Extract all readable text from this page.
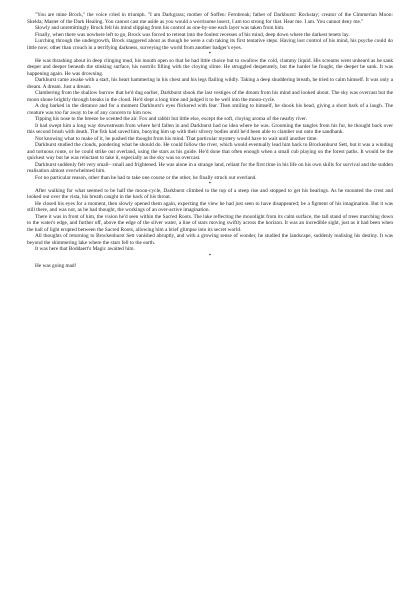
"You are mine Brock," the voice cried in triumph. "I am Darkgrass; mother of Soffen: Fernbreak; father of Darkburst: Rockstay; creator of the Cimmerian Moon: Skelda; Master of the Dark Healing. You cannot cast me aside as you would a worrisome insect, I am too strong for that. Hear me. I am. You cannot deny me."

Slowly and unremittingly Brock felt his mind slipping from his control as one-by-one each layer was taken from him.

Finally, when there was nowhere left to go, Brock was forced to retreat into the foulest recesses of his mind, deep down where the darkest tenets lay.

Lurching through the undergrowth, Brock staggered about as though he were a cub taking its first tentative steps. Having lost control of his mind, his psyche could do little now; other than crouch in a terrifying darkness, surveying the world from another badger's eyes.

*

He was thrashing about in deep clinging mud, his mouth open so that he had little choice but to swallow the cold, clammy liquid. His screams went unheard as he sank deeper and deeper beneath the stinking surface, his nostrils filling with the cloying slime. He struggled desperately, but the harder he fought, the deeper he sank. It was happening again. He was drowning.

Darkburst came awake with a start, his heart hammering in his chest and his legs flailing wildly. Taking a deep shuddering breath, he tried to calm himself. It was only a dream. A dream. Just a dream.

Clambering from the shallow burrow that he'd dug earlier, Darkburst shook the last vestiges of the dream from his mind and looked about. The sky was overcast but the moon shone brightly through breaks in the cloud. He'd slept a long time and judged it to be well into the moon-cycle.

A dog barked in the distance and for a moment Darkburst's eyes flickered with fear. Then smiling to himself, he shook his head, giving a short bark of a laugh. The creature was too far away to be of any concern to him now.

Tipping his nose to the breeze he scented the air. Fox and rabbit but little else, except the soft, cloying aroma of the nearby river.

It had swept him a long way downstream from where he'd fallen in and Darkburst had no idea where he was. Grooming the tangles from his fur, he thought back over this second brush with death. The fish had saved him, buoying him up with their silvery bodies until he'd been able to clamber out onto the sandbank.

Not knowing what to make of it, he pushed the thought from his mind. That particular mystery would have to wait until another time.

Darkburst studied the clouds, pondering what he should do. He could follow the river, which would eventually lead him back to Brockenhurst Sett, but it was a winding and tortuous route, or he could strike out overland, using the stars as his guide. He'd done that often enough when a small cub playing on the forest paths. It would be the quickest way but he was reluctant to take it, especially as the sky was so overcast.

Darkburst suddenly felt very small– small and frightened. He was alone in a strange land, reliant for the first time in his life on his own skills for survival and the sudden realisation almost overwhelmed him.

For no particular reason, other than he had to take one course or the other, he finally struck out overland.

*

After walking for what seemed to be half the moon-cycle, Darkburst climbed to the top of a steep rise and stopped to get his bearings. As he mounted the crest and looked out over the vista, his breath caught in the back of his throat.

He closed his eyes for a moment, then slowly opened them again, expecting the view he had just seen to have disappeared; be a figment of his imagination. But it was still there, and was not, as he had thought, the workings of an over-active imagination.

There it was in front of him, the vision he'd seen within the Sacred Roots. The lake reflecting the moonlight from its calm surface, the tall stand of trees marching down to the water's edge, and further off, above the edge of the silver water, a line of stars moving swiftly across the horizon. It was an incredible sight, just as it had been when the ball of light erupted between the Sacred Roots, allowing him a brief glimpse into its secret world.

All thoughts of returning to Brockenhurst Sett vanished abruptly, and with a growing sense of wonder, he studied the landscape, suddenly realising his destiny. It was beyond the shimmering lake where the stars fell to the earth.

It was here that Boddaert's Magic awaited him.

*

He was going mad!
